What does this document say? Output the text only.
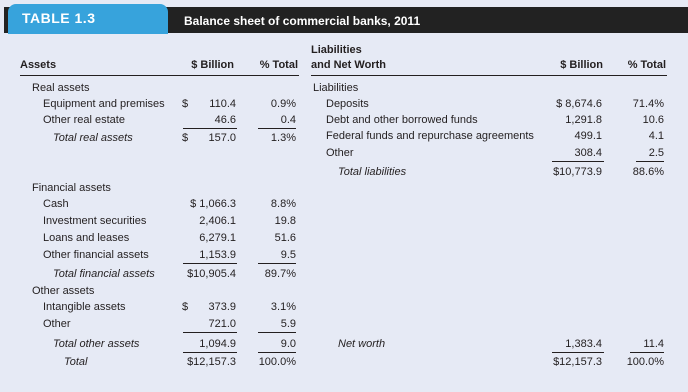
TABLE 1.3	Balance sheet of commercial banks, 2011
Assets	$ Billion	% Total
Liabilities
and Net Worth	$ Billion	% Total
Real assets
Equipment and premises $	110.4	0.9%
Other real estate	46.6	0.4
Total real assets	$	157.0	1.3%
Financial assets
Cash	$ 1,066.3	8.8%
Investment securities	2,406.1	19.8
Loans and leases	6,279.1	51.6
Other financial assets	1,153.9	9.5
Total financial assets	$10,905.4	89.7%
Other assets
Intangible assets	$	373.9	3.1%
Other	721.0	5.9
Total other assets	1,094.9	9.0
Total	$12,157.3	100.0%
Liabilities
Deposits	$ 8,674.6	71.4%
Debt and other borrowed funds	1,291.8	10.6
Federal funds and repurchase agreements	499.1	4.1
Other	308.4	2.5
Total liabilities	$10,773.9	88.6%
Net worth	1,383.4	11.4
$12,157.3	100.0%
